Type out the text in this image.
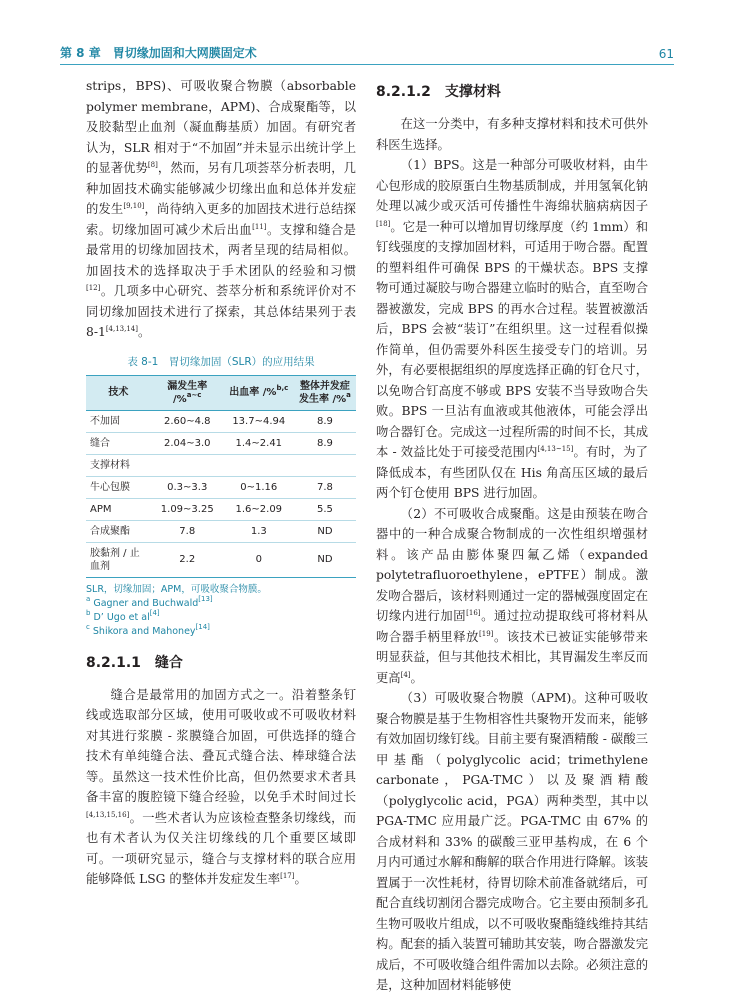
第 8 章　胃切缘加固和大网膜固定术	61

strips，BPS)、可吸收聚合物膜（absorbable polymer membrane，APM)、合成聚酯等，以及胶黏型止血剂（凝血酶基质）加固。有研究者认为，SLR 相对于“不加固”并未显示出统计学上的显著优势[8]，然而，另有几项荟萃分析表明，几种加固技术确实能够减少切缘出血和总体并发症的发生[9,10]，尚待纳入更多的加固技术进行总结探索。切缘加固可减少术后出血[11]。支撑和缝合是最常用的切缘加固技术，两者呈现的结局相似。加固技术的选择取决于手术团队的经验和习惯[12]。几项多中心研究、荟萃分析和系统评价对不同切缘加固技术进行了探索，其总体结果列于表 8-1[4,13,14]。

表 8-1　胃切缘加固（SLR）的应用结果
技术	漏发生率 /%$^{a\sim c}$	出血率 /%$^{b,c}$	整体并发症发生率 /%$^a$
不加固	2.60~4.8	13.7~4.94	8.9
缝合	2.04~3.0	1.4~2.41	8.9
支撑材料			
牛心包膜	0.3~3.3	0~1.16	7.8
APM	1.09~3.25	1.6~2.09	5.5
合成聚酯	7.8	1.3	ND
胶黏剂 / 止血剂	2.2	0	ND
SLR，切缘加固；APM，可吸收聚合物膜。
$^a$ Gagner and Buchwald[13]
$^b$ D’ Ugo et al[4]
$^c$ Shikora and Mahoney[14]
8.2.1.1　缝合

缝合是最常用的加固方式之一。沿着整条钉线或选取部分区域，使用可吸收或不可吸收材料对其进行浆膜 - 浆膜缝合加固，可供选择的缝合技术有单纯缝合法、叠瓦式缝合法、棒球缝合法等。虽然这一技术性价比高，但仍然要求术者具备丰富的腹腔镜下缝合经验，以免手术时间过长[4,13,15,16]。一些术者认为应该检查整条切缘线，而也有术者认为仅关注切缘线的几个重要区域即可。一项研究显示，缝合与支撑材料的联合应用能够降低 LSG 的整体并发症发生率[17]。

8.2.1.2　支撑材料

在这一分类中，有多种支撑材料和技术可供外科医生选择。

（1）BPS。这是一种部分可吸收材料，由牛心包形成的胶原蛋白生物基质制成，并用氢氧化钠处理以减少或灭活可传播性牛海绵状脑病病因子[18]。它是一种可以增加胃切缘厚度（约 1mm）和钉线强度的支撑加固材料，可适用于吻合器。配置的塑料组件可确保 BPS 的干燥状态。BPS 支撑物可通过凝胶与吻合器建立临时的贴合，直至吻合器被激发，完成 BPS 的再水合过程。装置被激活后，BPS 会被“装订”在组织里。这一过程看似操作简单，但仍需要外科医生接受专门的培训。另外，有必要根据组织的厚度选择正确的钉仓尺寸，以免吻合钉高度不够或 BPS 安装不当导致吻合失败。BPS 一旦沾有血液或其他液体，可能会浮出吻合器钉仓。完成这一过程所需的时间不长，其成本 - 效益比处于可接受范围内[4,13~15]。有时，为了降低成本，有些团队仅在 His 角高压区域的最后两个钉仓使用 BPS 进行加固。

（2）不可吸收合成聚酯。这是由预装在吻合器中的一种合成聚合物制成的一次性组织增强材料。该产品由膨体聚四氟乙烯（expanded polytetrafluoroethylene，ePTFE）制成。激发吻合器后，该材料则通过一定的器械强度固定在切缘内进行加固[16]。通过拉动提取线可将材料从吻合器手柄里释放[19]。该技术已被证实能够带来明显获益，但与其他技术相比，其胃漏发生率反而更高[4]。

（3）可吸收聚合物膜（APM)。这种可吸收聚合物膜是基于生物相容性共聚物开发而来，能够有效加固切缘钉线。目前主要有聚酒精酸 - 碳酸三甲基酯（polyglycolic acid；trimethylene carbonate，PGA-TMC）以及聚酒精酸（polyglycolic acid，PGA）两种类型，其中以 PGA-TMC 应用最广泛。PGA-TMC 由 67% 的合成材料和 33% 的碳酸三亚甲基构成，在 6 个月内可通过水解和酶解的联合作用进行降解。该装置属于一次性耗材，待胃切除术前准备就绪后，可配合直线切割闭合器完成吻合。它主要由预制多孔生物可吸收片组成，以不可吸收聚酯缝线维持其结构。配套的插入装置可辅助其安装，吻合器激发完成后，不可吸收缝合组件需加以去除。必须注意的是，这种加固材料能够使
